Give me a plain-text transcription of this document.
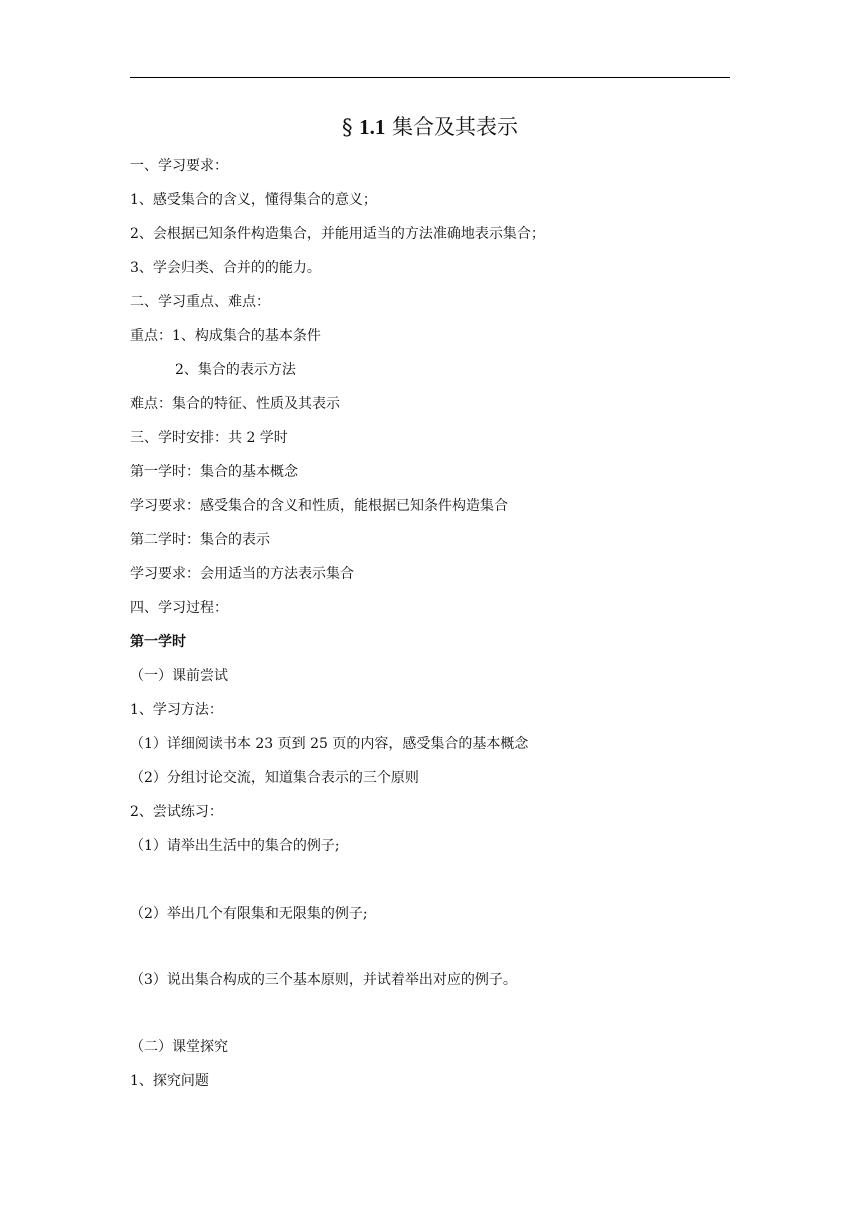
§ 1.1 集合及其表示
一、学习要求：
1、感受集合的含义，懂得集合的意义；
2、会根据已知条件构造集合，并能用适当的方法准确地表示集合；
3、学会归类、合并的的能力。
二、学习重点、难点：
重点：1、构成集合的基本条件
2、集合的表示方法
难点：集合的特征、性质及其表示
三、学时安排：共 2 学时
第一学时：集合的基本概念
学习要求：感受集合的含义和性质，能根据已知条件构造集合
第二学时：集合的表示
学习要求：会用适当的方法表示集合
四、学习过程：
第一学时
（一）课前尝试
1、学习方法：
（1）详细阅读书本 23 页到 25 页的内容，感受集合的基本概念
（2）分组讨论交流，知道集合表示的三个原则
2、尝试练习：
（1）请举出生活中的集合的例子;
（2）举出几个有限集和无限集的例子;
（3）说出集合构成的三个基本原则，并试着举出对应的例子。
（二）课堂探究
1、探究问题
